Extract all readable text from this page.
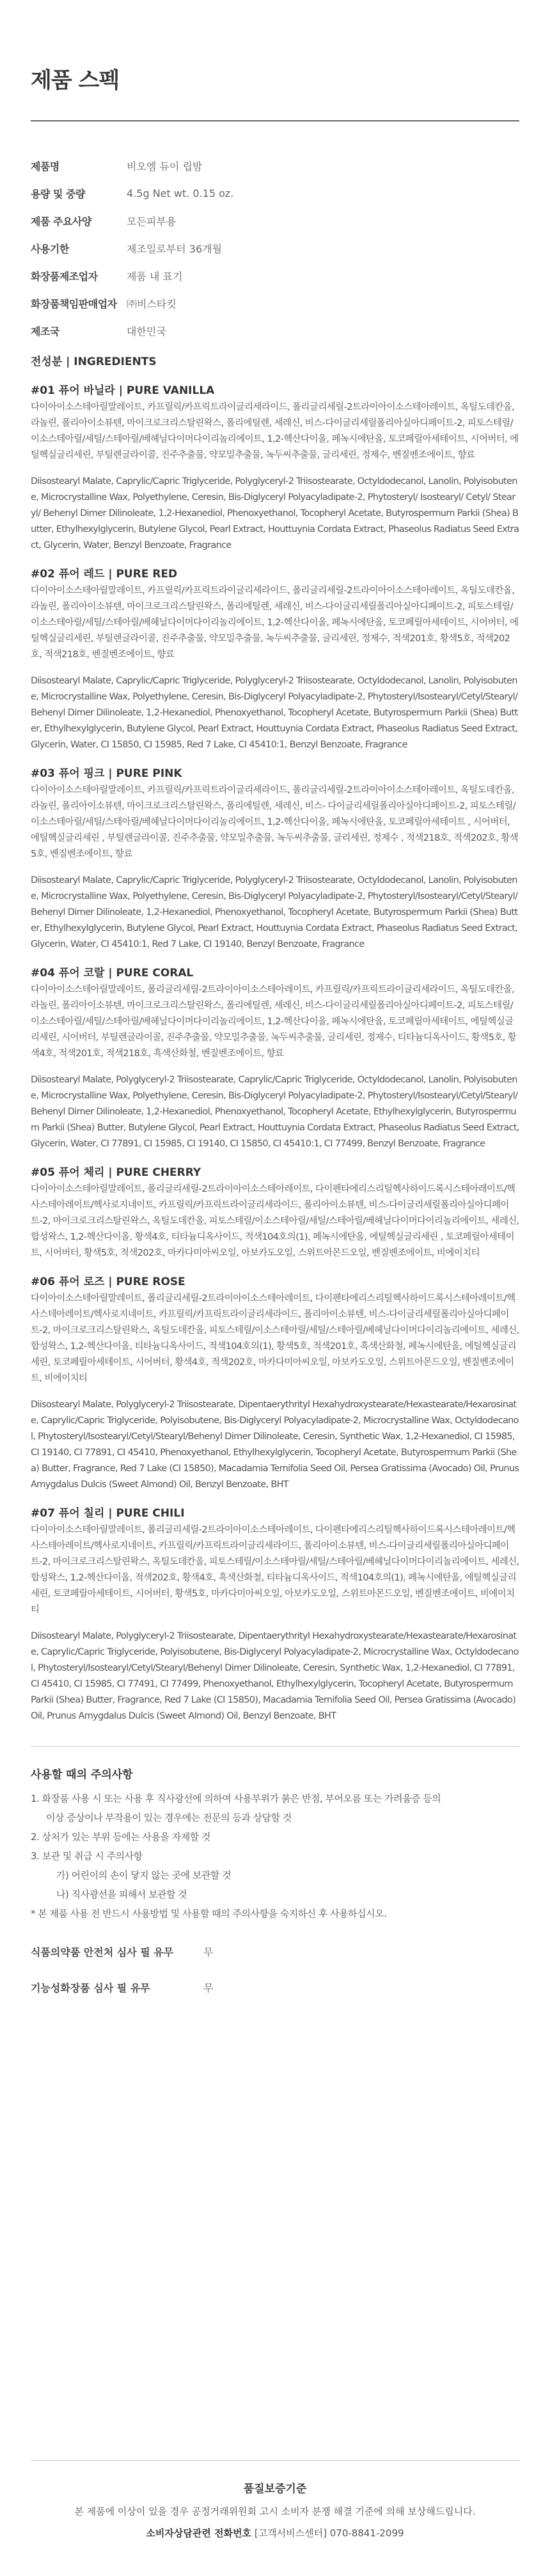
제품 스펙
제품명	비오엠 듀이 립밤
용량 및 중량	4.5g Net wt. 0.15 oz.
제품 주요사양	모든피부용
사용기한	제조일로부터 36개월
화장품제조업자	제품 내 표기
화장품책임판매업자	㈜비스타킷
제조국	대한민국
전성분 | INGREDIENTS
#01 퓨어 바닐라 | PURE VANILLA
다이아이소스테아릴말레이트, 카프릴릭/카프릭트라이글리세라이드, 폴리글리세릴-2트라이아이소스테아레이트, 옥틸도데칸올, 라놀린, 폴리아이소뷰텐, 마이크로크리스탈린왁스, 폴리에틸렌, 세레신, 비스-다이글리세릴폴리아실아디페이트-2, 피토스테릴/이소스테아릴/세틸/스테아릴/베헤닐다이머다이리놀리에이트, 1,2-헥산다이올, 페녹시에탄올, 토코페릴아세테이트, 시어버터, 에틸헥실글리세린, 부틸렌글라이콜, 진주추출물, 약모밀추출물, 녹두씨추출물, 글리세린, 정제수, 벤질벤조에이트, 향료
Diisostearyl Malate, Caprylic/Capric Triglyceride, Polyglyceryl-2 Triisostearate, Octyldodecanol, Lanolin, Polyisobutene, Microcrystalline Wax, Polyethylene, Ceresin, Bis-Diglyceryl Polyacyladipate-2, Phytosteryl/ Isostearyl/ Cetyl/ Stearyl/ Behenyl Dimer Dilinoleate, 1,2-Hexanediol, Phenoxyethanol, Tocopheryl Acetate, Butyrospermum Parkii (Shea) Butter, Ethylhexylglycerin, Butylene Glycol, Pearl Extract, Houttuynia Cordata Extract, Phaseolus Radiatus Seed Extract, Glycerin, Water, Benzyl Benzoate, Fragrance
#02 퓨어 레드 | PURE RED
다이아이소스테아릴말레이트, 카프릴릭/카프릭트라이글리세라이드, 폴리글리세릴-2트라이아이소스테아레이트, 옥틸도데칸올, 라놀린, 폴리아이소뷰텐, 마이크로크리스탈린왁스, 폴리에틸렌, 세레신, 비스-다이글리세릴폴리아실아디페이트-2, 피토스테릴/이소스테아릴/세틸/스테아릴/베헤닐다이머다이리놀리에이트, 1,2-헥산다이올, 페녹시에탄올, 토코페릴아세테이트, 시어버터, 에틸헥실글리세린, 부틸렌글라이콜, 진주추출물, 약모밀추출물, 녹두씨추출물, 글리세린, 정제수, 적색201호, 황색5호, 적색202호, 적색218호, 벤질벤조에이트, 향료
Diisostearyl Malate, Caprylic/Capric Triglyceride, Polyglyceryl-2 Triisostearate, Octyldodecanol, Lanolin, Polyisobutene, Microcrystalline Wax, Polyethylene, Ceresin, Bis-Diglyceryl Polyacyladipate-2, Phytosteryl/Isostearyl/Cetyl/Stearyl/Behenyl Dimer Dilinoleate, 1,2-Hexanediol, Phenoxyethanol, Tocopheryl Acetate, Butyrospermum Parkii (Shea) Butter, Ethylhexylglycerin, Butylene Glycol, Pearl Extract, Houttuynia Cordata Extract, Phaseolus Radiatus Seed Extract, Glycerin, Water, CI 15850, CI 15985, Red 7 Lake, CI 45410:1, Benzyl Benzoate, Fragrance
#03 퓨어 핑크 | PURE PINK
다이아이소스테아릴말레이트, 카프릴릭/카프릭트라이글리세라이드, 폴리글리세릴-2트라이아이소스테아레이트, 옥틸도데칸올, 라놀린, 폴리아이소뷰텐, 마이크로크리스탈린왁스, 폴리에틸렌, 세레신, 비스- 다이글리세릴폴리아실아디페이트-2, 피토스테릴/이소스테아릴/세틸/스테아릴/베헤닐다이머다이리놀리에이트, 1,2-헥산다이올, 페녹시에탄올, 토코페릴아세테이트 , 시어버터, 에틸헥실글리세린 , 부틸렌글라이콜, 진주추출물, 약모밀추출물, 녹두씨추출물, 글리세린, 정제수 , 적색218호, 적색202호, 황색5호, 벤질벤조에이트, 향료
Diisostearyl Malate, Caprylic/Capric Triglyceride, Polyglyceryl-2 Triisostearate, Octyldodecanol, Lanolin, Polyisobutene, Microcrystalline Wax, Polyethylene, Ceresin, Bis-Diglyceryl Polyacyladipate-2, Phytosteryl/Isostearyl/Cetyl/Stearyl/Behenyl Dimer Dilinoleate, 1,2-Hexanediol, Phenoxyethanol, Tocopheryl Acetate, Butyrospermum Parkii (Shea) Butter, Ethylhexylglycerin, Butylene Glycol, Pearl Extract, Houttuynia Cordata Extract, Phaseolus Radiatus Seed Extract, Glycerin, Water, CI 45410:1, Red 7 Lake, CI 19140, Benzyl Benzoate, Fragrance
#04 퓨어 코랄 | PURE CORAL
다이아이소스테아릴말레이트, 폴리글리세릴-2트라이아이소스테아레이트, 카프릴릭/카프릭트라이글리세라이드, 옥틸도데칸올, 라놀린, 폴리아이소뷰텐, 마이크로크리스탈린왁스, 폴리에틸렌, 세레신, 비스-다이글리세릴폴리아실아디페이트-2, 피토스테릴/이소스테아릴/세틸/스테아릴/베헤닐다이머다이리놀리에이트, 1,2-헥산다이올, 페녹시에탄올, 토코페릴아세테이트, 에틸헥실글리세린, 시어버터, 부틸렌글라이콜, 진주추출물, 약모밀추출물, 녹두씨추출물, 글리세린, 정제수, 티타늄디옥사이드, 황색5호, 황색4호, 적색201호, 적색218호, 흑색산화철, 벤질벤조에이트, 향료
Diisostearyl Malate, Polyglyceryl-2 Triisostearate, Caprylic/Capric Triglyceride, Octyldodecanol, Lanolin, Polyisobutene, Microcrystalline Wax, Polyethylene, Ceresin, Bis-Diglyceryl Polyacyladipate-2, Phytosteryl/Isostearyl/Cetyl/Stearyl/Behenyl Dimer Dilinoleate, 1,2-Hexanediol, Phenoxyethanol, Tocopheryl Acetate, Ethylhexylglycerin, Butyrospermum Parkii (Shea) Butter, Butylene Glycol, Pearl Extract, Houttuynia Cordata Extract, Phaseolus Radiatus Seed Extract, Glycerin, Water, CI 77891, CI 15985, CI 19140, CI 15850, CI 45410:1, CI 77499, Benzyl Benzoate, Fragrance
#05 퓨어 체리 | PURE CHERRY
다이아이소스테아릴말레이트, 폴리글리세릴-2트라이아이소스테아레이트, 다이펜타에리스리틸헥사하이드록시스테아레이트/헥사스테아레이트/헥사로지네이트, 카프릴릭/카프릭트라이글리세라이드, 폴리아이소뷰텐, 비스-다이글리세릴폴리아실아디페이트-2, 마이크로크리스탈린왁스, 옥틸도데칸올, 피토스테릴/이소스테아릴/세틸/스테아릴/베헤닐다이머다이리놀리에이트, 세레신, 합성왁스, 1,2-헥산다이올, 황색4호, 티타늄디옥사이드, 적색104호의(1), 페녹시에탄올, 에틸헥실글리세린 , 토코페릴아세테이트, 시어버터, 황색5호, 적색202호, 마카다미아씨오일, 아보카도오일, 스위트아몬드오일, 벤질벤조에이트, 비에이치티
#06 퓨어 로즈 | PURE ROSE
다이아이소스테아릴말레이트, 폴리글리세릴-2트라이아이소스테아레이트, 다이펜타에리스리틸헥사하이드록시스테아레이트/헥사스테아레이트/헥사로지네이트, 카프릴릭/카프릭트라이글리세라이드, 폴리아이소뷰텐, 비스-다이글리세릴폴리아실아디페이트-2, 마이크로크리스탈린왁스, 옥틸도데칸올, 피토스테릴/이소스테아릴/세틸/스테아릴/베헤닐다이머다이리놀리에이트, 세레신, 합성왁스, 1,2-헥산다이올, 티타늄디옥사이드, 적색104호의(1), 황색5호, 적색201호, 흑색산화철, 페녹시에탄올, 에틸헥실글리세린, 토코페릴아세테이트, 시어버터, 황색4호, 적색202호, 마카다미아씨오일, 아보카도오일, 스위트아몬드오일, 벤질벤조에이트, 비에이치티
Diisostearyl Malate, Polyglyceryl-2 Triisostearate, Dipentaerythrityl Hexahydroxystearate/Hexastearate/Hexarosinate, Caprylic/Capric Triglyceride, Polyisobutene, Bis-Diglyceryl Polyacyladipate-2, Microcrystalline Wax, Octyldodecanol, Phytosteryl/Isostearyl/Cetyl/Stearyl/Behenyl Dimer Dilinoleate, Ceresin, Synthetic Wax, 1,2-Hexanediol, CI 15985, CI 19140, CI 77891, CI 45410, Phenoxyethanol, Ethylhexylglycerin, Tocopheryl Acetate, Butyrospermum Parkii (Shea) Butter, Fragrance, Red 7 Lake (CI 15850), Macadamia Ternifolia Seed Oil, Persea Gratissima (Avocado) Oil, Prunus Amygdalus Dulcis (Sweet Almond) Oil, Benzyl Benzoate, BHT
#07 퓨어 칠리 | PURE CHILI
다이아이소스테아릴말레이트, 폴리글리세릴-2트라이아이소스테아레이트, 다이펜타에리스리틸헥사하이드록시스테아레이트/헥사스테아레이트/헥사로지네이트, 카프릴릭/카프릭트라이글리세라이드, 폴리아이소뷰텐, 비스-다이글리세릴폴리아실아디페이트-2, 마이크로크리스탈린왁스, 옥틸도데칸올, 피토스테릴/이소스테아릴/세틸/스테아릴/베헤닐다이머다이리놀리에이트, 세레신, 합성왁스, 1,2-헥산다이올, 적색202호, 황색4호, 흑색산화철, 티타늄디옥사이드, 적색104호의(1), 페녹시에탄올, 에틸헥실글리세린, 토코페릴아세테이트, 시어버터, 황색5호, 마카다미아씨오일, 아보카도오일, 스위트아몬드오일, 벤질벤조에이트, 비에이치티
Diisostearyl Malate, Polyglyceryl-2 Triisostearate, Dipentaerythrityl Hexahydroxystearate/Hexastearate/Hexarosinate, Caprylic/Capric Triglyceride, Polyisobutene, Bis-Diglyceryl Polyacyladipate-2, Microcrystalline Wax, Octyldodecanol, Phytosteryl/Isostearyl/Cetyl/Stearyl/Behenyl Dimer Dilinoleate, Ceresin, Synthetic Wax, 1,2-Hexanediol, CI 77891, CI 45410, CI 15985, CI 77491, CI 77499, Phenoxyethanol, Ethylhexylglycerin, Tocopheryl Acetate, Butyrospermum Parkii (Shea) Butter, Fragrance, Red 7 Lake (CI 15850), Macadamia Ternifolia Seed Oil, Persea Gratissima (Avocado) Oil, Prunus Amygdalus Dulcis (Sweet Almond) Oil, Benzyl Benzoate, BHT
사용할 때의 주의사항
1. 화장품 사용 시 또는 사용 후 직사광선에 의하여 사용부위가 붉은 반점, 부어오름 또는 가려움증 등의
이상 증상이나 부작용이 있는 경우에는 전문의 등과 상담할 것
2. 상처가 있는 부위 등에는 사용을 자제할 것
3. 보관 및 취급 시 주의사항
가) 어린이의 손이 닿지 않는 곳에 보관할 것
나) 직사광선을 피해서 보관할 것
* 본 제품 사용 전 반드시 사용방법 및 사용할 때의 주의사항을 숙지하신 후 사용하십시오.
식품의약품 안전처 심사 필 유무	무
기능성화장품 심사 필 유무	무
품질보증기준
본 제품에 이상이 있을 경우 공정거래위원회 고시 소비자 분쟁 해결 기준에 의해 보상해드립니다.
소비자상담관련 전화번호 [고객서비스센터] 070-8841-2099
